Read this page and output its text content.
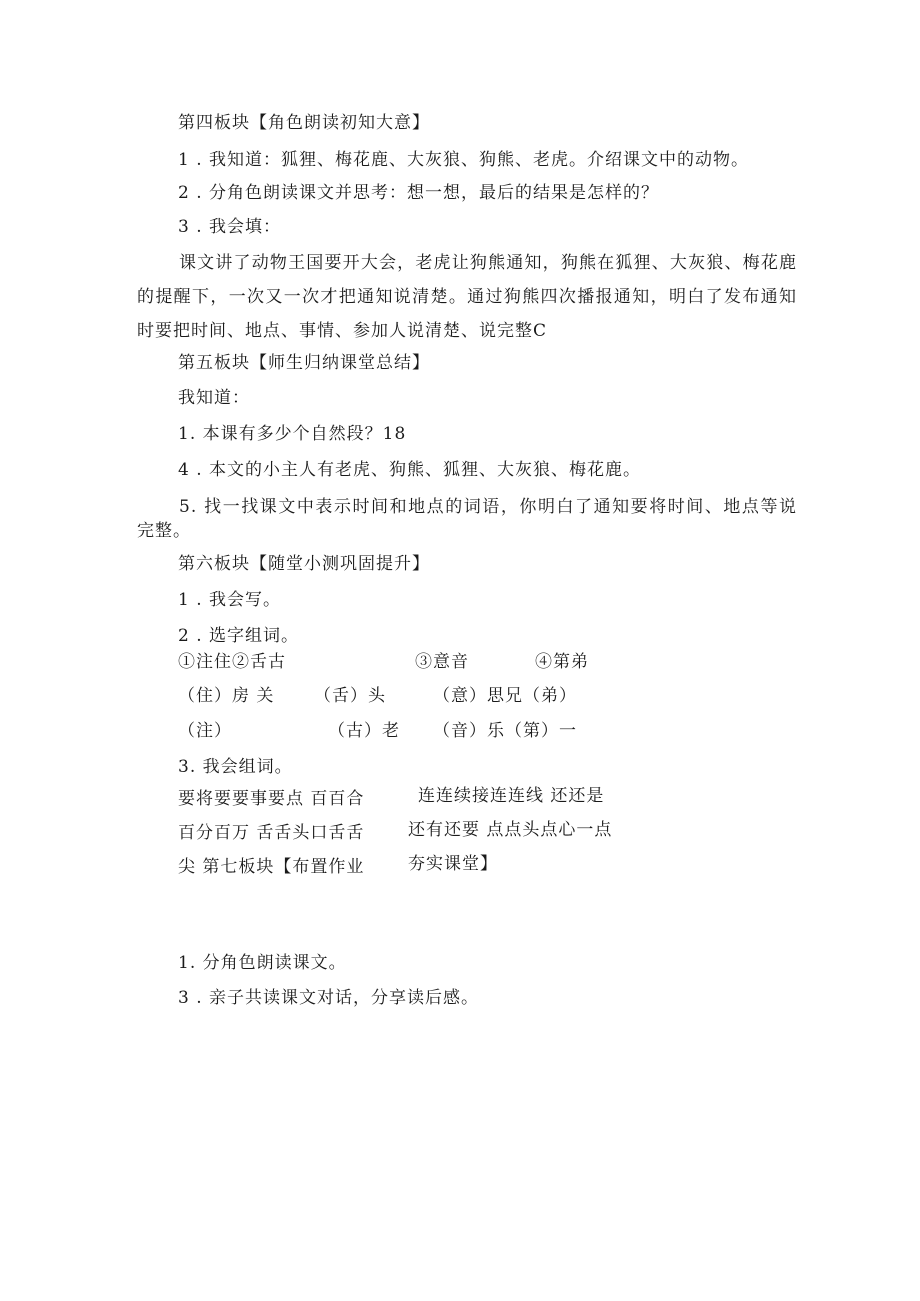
第四板块【角色朗读初知大意】
1 . 我知道：狐狸、梅花鹿、大灰狼、狗熊、老虎。介绍课文中的动物。
2 . 分角色朗读课文并思考：想一想，最后的结果是怎样的？
3 . 我会填：
课文讲了动物王国要开大会，老虎让狗熊通知，狗熊在狐狸、大灰狼、梅花鹿的提醒下，一次又一次才把通知说清楚。通过狗熊四次播报通知，明白了发布通知时要把时间、地点、事情、参加人说清楚、说完整C
第五板块【师生归纳课堂总结】
我知道：
1. 本课有多少个自然段？18
4 . 本文的小主人有老虎、狗熊、狐狸、大灰狼、梅花鹿。
5. 找一找课文中表示时间和地点的词语，你明白了通知要将时间、地点等说完整。
第六板块【随堂小测巩固提升】
1 . 我会写。
2 . 选字组词。
①注住②舌古	③意音	④第弟
（住）房 关 （舌）头	（意）思兄（弟）
（注）	（古）老 （音）乐（第）一
3. 我会组词。
要将要要事要点 百百合	连连续接连连线 还还是
百分百万 舌舌头口舌舌	还有还要 点点头点心一点
尖 第七板块【布置作业	夯实课堂】
1. 分角色朗读课文。
3 . 亲子共读课文对话，分享读后感。
